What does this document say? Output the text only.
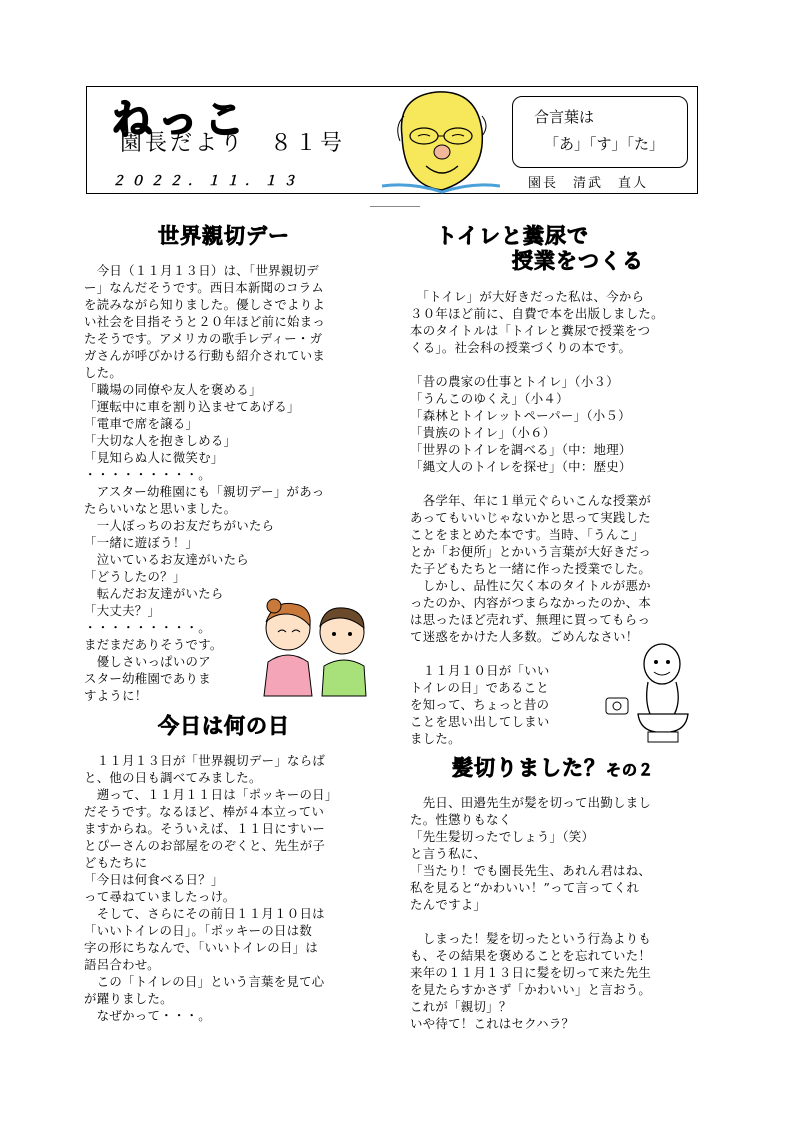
ねっこ
園長だより　８１号
２０２２．１１．１３
合言葉は
「あ」「す」「た」
園長　清武　直人
世界親切デー

　今日（１１月１３日）は、「世界親切デ

ー」なんだそうです。西日本新聞のコラム

を読みながら知りました。優しさでよりよ

い社会を目指そうと２０年ほど前に始まっ

たそうです。アメリカの歌手レディー・ガ

ガさんが呼びかける行動も紹介されていま

した。

「職場の同僚や友人を褒める」

「運転中に車を割り込ませてあげる」

「電車で席を譲る」

「大切な人を抱きしめる」

「見知らぬ人に微笑む」

・・・・・・・・・。

　アスター幼稚園にも「親切デー」があっ

たらいいなと思いました。

　一人ぼっちのお友だちがいたら

「一緒に遊ぼう！」

　泣いているお友達がいたら

「どうしたの？」

　転んだお友達がいたら

「大丈夫？」

・・・・・・・・・。

まだまだありそうです。

　優しさいっぱいのア

スター幼稚園でありま

すように！

今日は何の日

　１１月１３日が「世界親切デー」ならば

と、他の日も調べてみました。

　遡って、１１月１１日は「ポッキーの日」

だそうです。なるほど、棒が４本立ってい

ますからね。そういえば、１１日にすいー

とぴーさんのお部屋をのぞくと、先生が子

どもたちに

「今日は何食べる日？」

って尋ねていましたっけ。

　そして、さらにその前日１１月１０日は

「いいトイレの日」。「ポッキーの日は数

字の形にちなんで、「いいトイレの日」は

語呂合わせ。

　この「トイレの日」という言葉を見て心

が躍りました。

　なぜかって・・・。

トイレと糞尿で
授業をつくる

　「トイレ」が大好きだった私は、今から

３０年ほど前に、自費で本を出版しました。

本のタイトルは「トイレと糞尿で授業をつ

くる」。社会科の授業づくりの本です。

「昔の農家の仕事とトイレ」（小３）

「うんこのゆくえ」（小４）

「森林とトイレットペーパー」（小５）

「貴族のトイレ」（小６）

「世界のトイレを調べる」（中：地理）

「縄文人のトイレを探せ」（中：歴史）

　各学年、年に１単元ぐらいこんな授業が

あってもいいじゃないかと思って実践した

ことをまとめた本です。当時、「うんこ」

とか「お便所」とかいう言葉が大好きだっ

た子どもたちと一緒に作った授業でした。

　しかし、品性に欠く本のタイトルが悪か

ったのか、内容がつまらなかったのか、本

は思ったほど売れず、無理に買ってもらっ

て迷惑をかけた人多数。ごめんなさい！

　１１月１０日が「いい

トイレの日」であること

を知って、ちょっと昔の

ことを思い出してしまい

ました。

髪切りました？その２

　先日、田邉先生が髪を切って出勤しまし

た。性懲りもなく

「先生髪切ったでしょう」（笑）

と言う私に、

「当たり！でも園長先生、あれん君はね、

私を見ると“かわいい！”って言ってくれ

たんですよ」

　しまった！髪を切ったという行為よりも

も、その結果を褒めることを忘れていた！

来年の１１月１３日に髪を切って来た先生

を見たらすかさず「かわいい」と言おう。

これが「親切」？

いや待て！これはセクハラ？
